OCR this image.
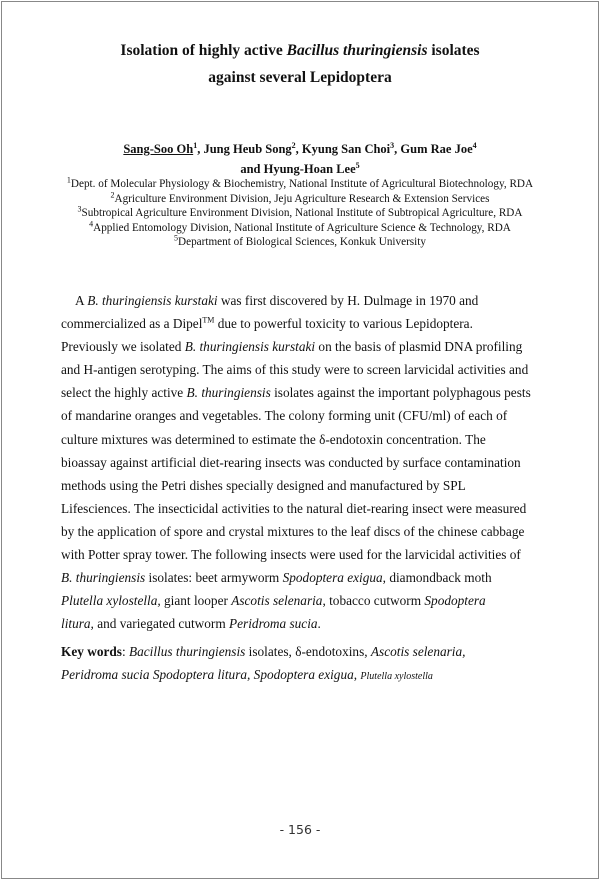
Isolation of highly active Bacillus thuringiensis isolates
against several Lepidoptera
Sang-Soo Oh$^1$, Jung Heub Song$^2$, Kyung San Choi$^3$, Gum Rae Joe$^4$
and Hyung-Hoan Lee$^5$
$^1$Dept. of Molecular Physiology & Biochemistry, National Institute of Agricultural Biotechnology, RDA
$^2$Agriculture Environment Division, Jeju Agriculture Research & Extension Services
$^3$Subtropical Agriculture Environment Division, National Institute of Subtropical Agriculture, RDA
$^4$Applied Entomology Division, National Institute of Agriculture Science & Technology, RDA
$^5$Department of Biological Sciences, Konkuk University
A B. thuringiensis kurstaki was first discovered by H. Dulmage in 1970 and
commercialized as a Dipel™ due to powerful toxicity to various Lepidoptera.
Previously we isolated B. thuringiensis kurstaki on the basis of plasmid DNA profiling
and H-antigen serotyping. The aims of this study were to screen larvicidal activities and
select the highly active B. thuringiensis isolates against the important polyphagous pests
of mandarine oranges and vegetables. The colony forming unit (CFU/ml) of each of
culture mixtures was determined to estimate the δ-endotoxin concentration. The
bioassay against artificial diet-rearing insects was conducted by surface contamination
methods using the Petri dishes specially designed and manufactured by SPL
Lifesciences. The insecticidal activities to the natural diet-rearing insect were measured
by the application of spore and crystal mixtures to the leaf discs of the chinese cabbage
with Potter spray tower. The following insects were used for the larvicidal activities of
B. thuringiensis isolates: beet armyworm Spodoptera exigua, diamondback moth
Plutella xylostella, giant looper Ascotis selenaria, tobacco cutworm Spodoptera
litura, and variegated cutworm Peridroma sucia.
Key words: Bacillus thuringiensis isolates, δ-endotoxins, Ascotis selenaria,
Peridroma sucia Spodoptera litura, Spodoptera exigua, Plutella xylostella
- 156 -
